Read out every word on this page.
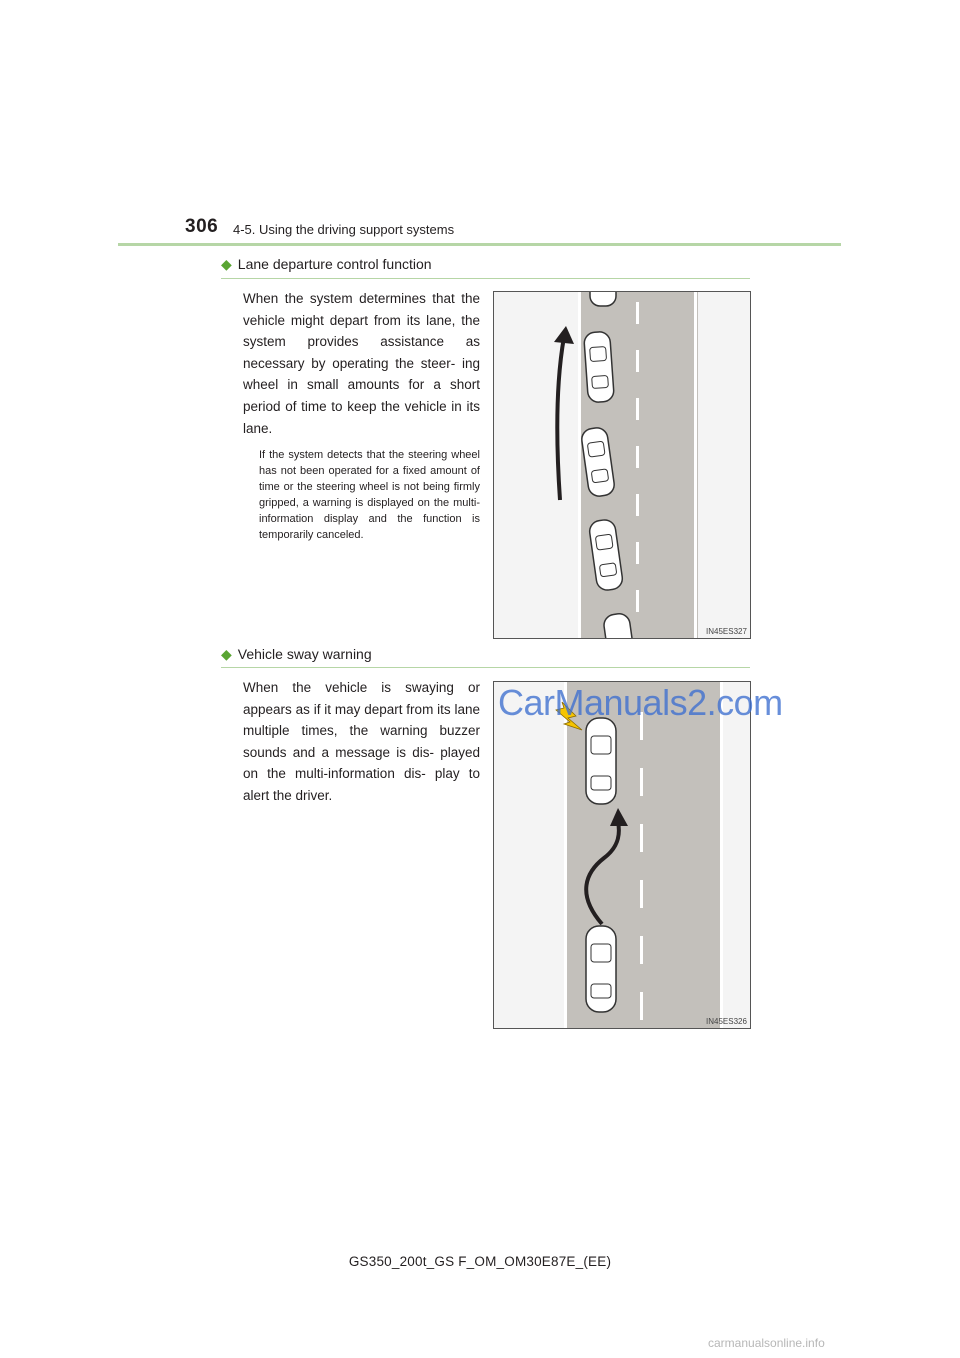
306 4-5. Using the driving support systems
◆ Lane departure control function
When the system determines that the vehicle might depart from its lane, the system provides assistance as necessary by operating the steer- ing wheel in small amounts for a short period of time to keep the vehicle in its lane.
If the system detects that the steering wheel has not been operated for a fixed amount of time or the steering wheel is not being firmly gripped, a warning is displayed on the multi-information display and the function is temporarily canceled.
IN45ES327
◆ Vehicle sway warning
When the vehicle is swaying or appears as if it may depart from its lane multiple times, the warning buzzer sounds and a message is dis- played on the multi-information dis- play to alert the driver.
IN45ES326
CarManuals2.com
GS350_200t_GS F_OM_OM30E87E_(EE)
carmanualsonline.info
